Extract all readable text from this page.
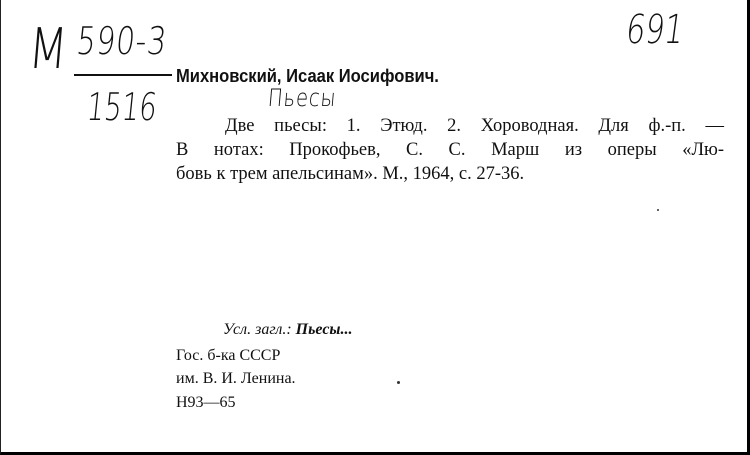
M 590-3
1516
691
Михновский, Исаак Иосифович.
Пьесы
Две пьесы: 1. Этюд. 2. Хороводная. Для ф.-п. —
В нотах: Прокофьев, С. С. Марш из оперы «Лю-
бовь к трем апельсинам». М., 1964, с. 27-36.
Усл. загл.: Пьесы...
Гос. б-ка СССР
им. В. И. Ленина.
Н93—65
